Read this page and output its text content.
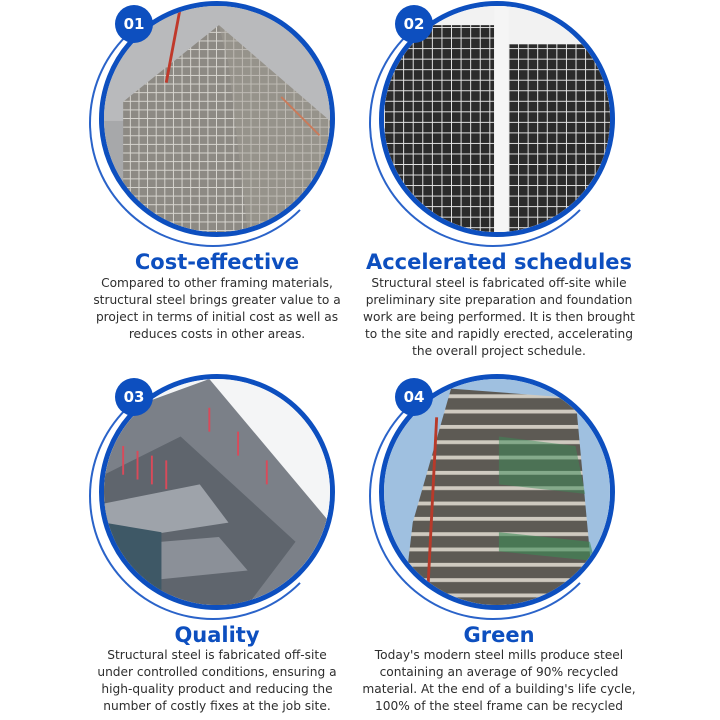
01
Cost-effective
Compared to other framing materials,
structural steel brings greater value to a
project in terms of initial cost as well as
reduces costs in other areas.
02
Accelerated schedules
Structural steel is fabricated off-site while
preliminary site preparation and foundation
work are being performed. It is then brought
to the site and rapidly erected, accelerating
the overall project schedule.
03
Quality
Structural steel is fabricated off-site
under controlled conditions, ensuring a
high-quality product and reducing the
number of costly fixes at the job site.
04
Green
Today's modern steel mills produce steel
containing an average of 90% recycled
material. At the end of a building's life cycle,
100% of the steel frame can be recycled
